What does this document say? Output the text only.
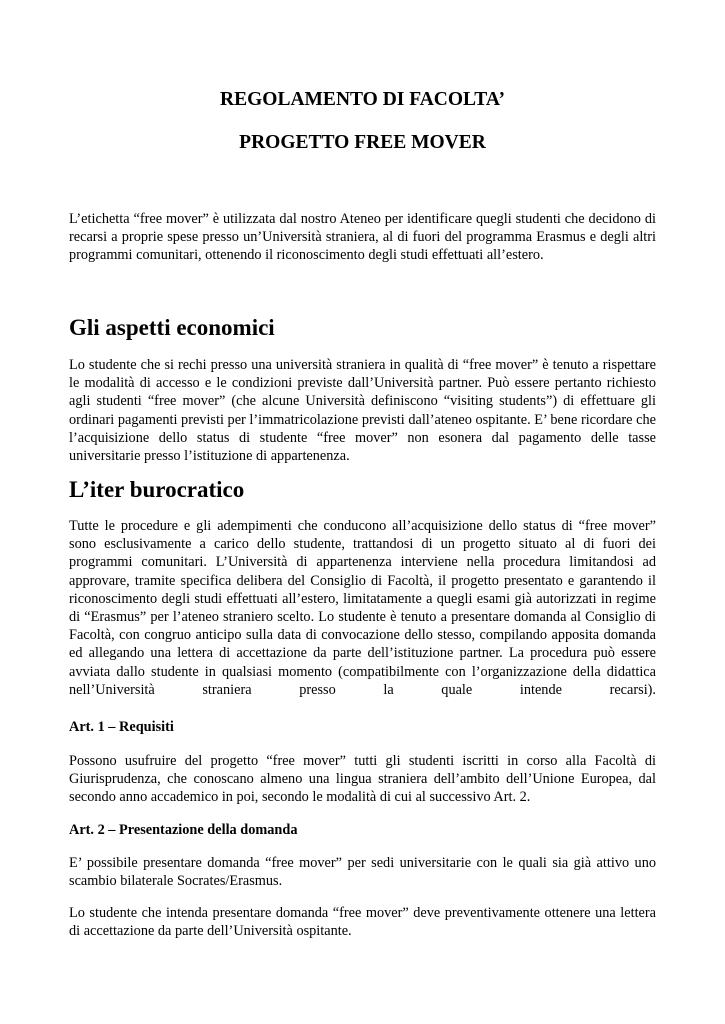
REGOLAMENTO DI FACOLTA’
PROGETTO FREE MOVER

L’etichetta “free mover” è utilizzata dal nostro Ateneo per identificare quegli studenti che decidono di recarsi a proprie spese presso un’Università straniera, al di fuori del programma Erasmus e degli altri programmi comunitari, ottenendo il riconoscimento degli studi effettuati all’estero.

Gli aspetti economici

Lo studente che si rechi presso una università straniera in qualità di “free mover” è tenuto a rispettare le modalità di accesso e le condizioni previste dall’Università partner. Può essere pertanto richiesto agli studenti “free mover” (che alcune Università definiscono “visiting students”) di effettuare gli ordinari pagamenti previsti per l’immatricolazione previsti dall’ateneo ospitante. E’ bene ricordare che l’acquisizione dello status di studente “free mover” non esonera dal pagamento delle tasse universitarie presso l’istituzione di appartenenza.

L’iter burocratico

Tutte le procedure e gli adempimenti che conducono all’acquisizione dello status di “free mover” sono esclusivamente a carico dello studente, trattandosi di un progetto situato al di fuori dei programmi comunitari. L’Università di appartenenza interviene nella procedura limitandosi ad approvare, tramite specifica delibera del Consiglio di Facoltà, il progetto presentato e garantendo il riconoscimento degli studi effettuati all’estero, limitatamente a quegli esami già autorizzati in regime di “Erasmus” per l’ateneo straniero scelto. Lo studente è tenuto a presentare domanda al Consiglio di Facoltà, con congruo anticipo sulla data di convocazione dello stesso, compilando apposita domanda ed allegando una lettera di accettazione da parte dell’istituzione partner. La procedura può essere avviata dallo studente in qualsiasi momento (compatibilmente con l’organizzazione della didattica nell’Università straniera presso la quale intende recarsi).

Art. 1 – Requisiti

Possono usufruire del progetto “free mover” tutti gli studenti iscritti in corso alla Facoltà di Giurisprudenza, che conoscano almeno una lingua straniera dell’ambito dell’Unione Europea, dal secondo anno accademico in poi, secondo le modalità di cui al successivo Art. 2.

Art. 2 – Presentazione della domanda

E’ possibile presentare domanda “free mover” per sedi universitarie con le quali sia già attivo uno scambio bilaterale Socrates/Erasmus.

Lo studente che intenda presentare domanda “free mover” deve preventivamente ottenere una lettera di accettazione da parte dell’Università ospitante.
